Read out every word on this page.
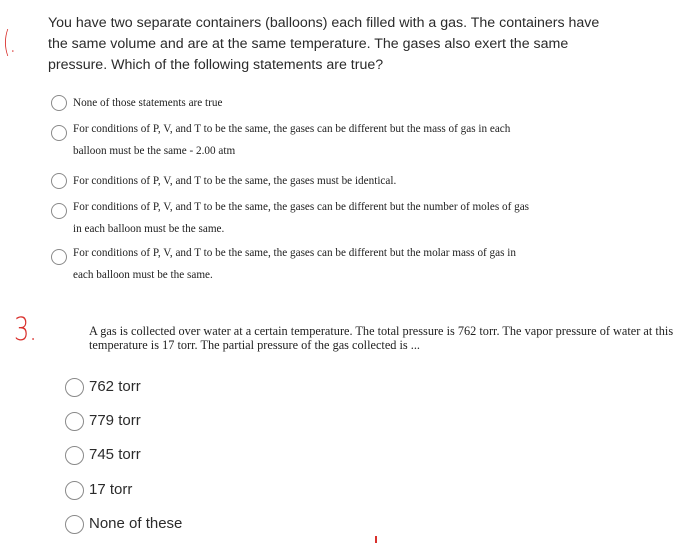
(.
3.
You have two separate containers (balloons) each filled with a gas. The containers have the same volume and are at the same temperature. The gases also exert the same pressure. Which of the following statements are true?
None of those statements are true
For conditions of P, V, and T to be the same, the gases can be different but the mass of gas in each
balloon must be the same - 2.00 atm
For conditions of P, V, and T to be the same, the gases must be identical.
For conditions of P, V, and T to be the same, the gases can be different but the number of moles of gas
in each balloon must be the same.
For conditions of P, V, and T to be the same, the gases can be different but the molar mass of gas in
each balloon must be the same.
A gas is collected over water at a certain temperature. The total pressure is 762 torr. The vapor pressure of water at this temperature is 17 torr. The partial pressure of the gas collected is ...
762 torr
779 torr
745 torr
17 torr
None of these
